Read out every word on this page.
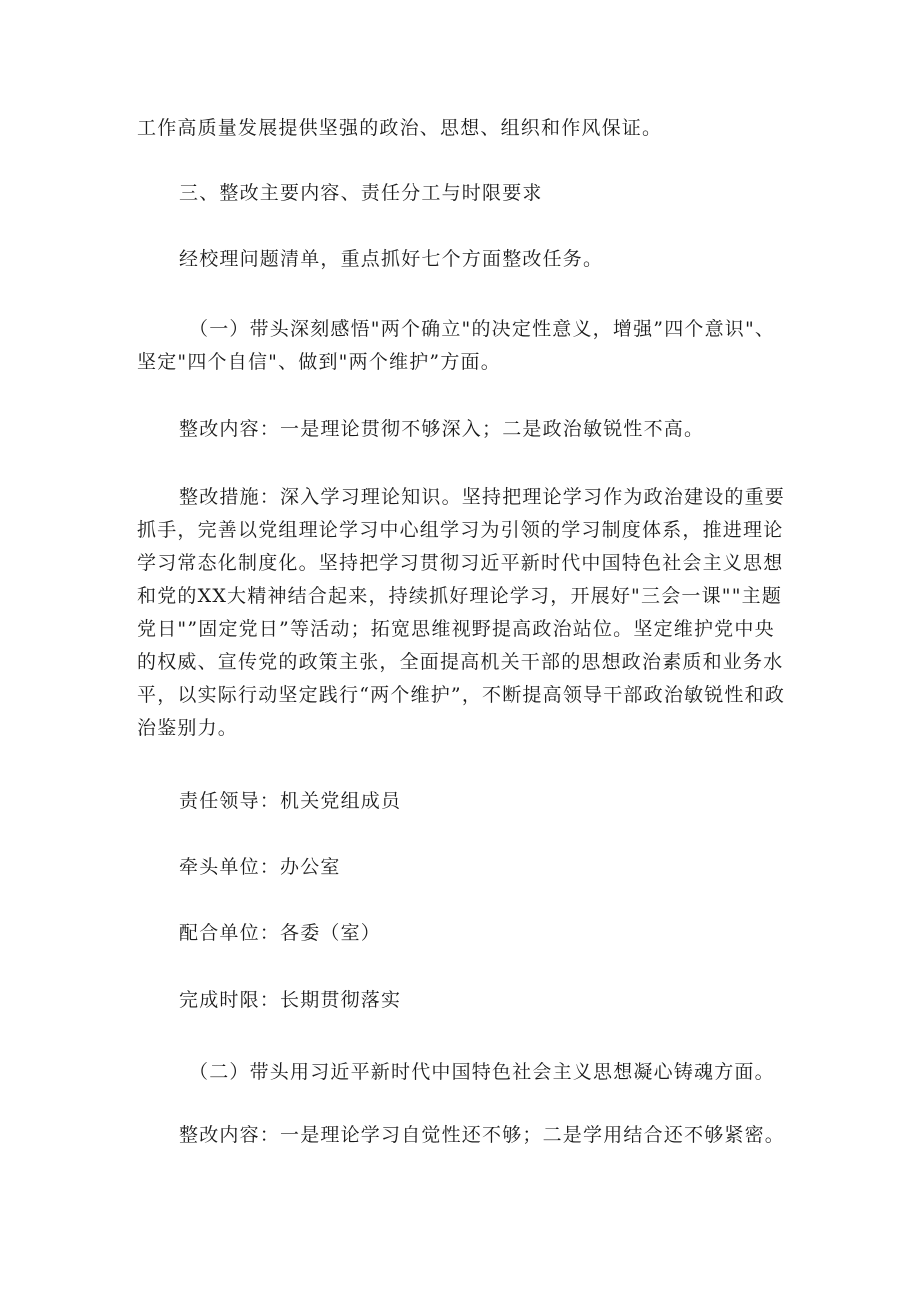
工作高质量发展提供坚强的政治、思想、组织和作风保证。

三、整改主要内容、责任分工与时限要求

经校理问题清单，重点抓好七个方面整改任务。

（一）带头深刻感悟"两个确立"的决定性意义，增强”四个意识"、坚定"四个自信"、做到"两个维护”方面。

整改内容：一是理论贯彻不够深入；二是政治敏锐性不高。

整改措施：深入学习理论知识。坚持把理论学习作为政治建设的重要抓手，完善以党组理论学习中心组学习为引领的学习制度体系，推进理论学习常态化制度化。坚持把学习贯彻习近平新时代中国特色社会主义思想和党的XX大精神结合起来，持续抓好理论学习，开展好"三会一课""主题党日"”固定党日”等活动；拓宽思维视野提高政治站位。坚定维护党中央的权威、宣传党的政策主张，全面提高机关干部的思想政治素质和业务水平，以实际行动坚定践行“两个维护”，不断提高领导干部政治敏锐性和政治鉴别力。

责任领导：机关党组成员

牵头单位：办公室

配合单位：各委（室）

完成时限：长期贯彻落实

（二）带头用习近平新时代中国特色社会主义思想凝心铸魂方面。

整改内容：一是理论学习自觉性还不够；二是学用结合还不够紧密。
